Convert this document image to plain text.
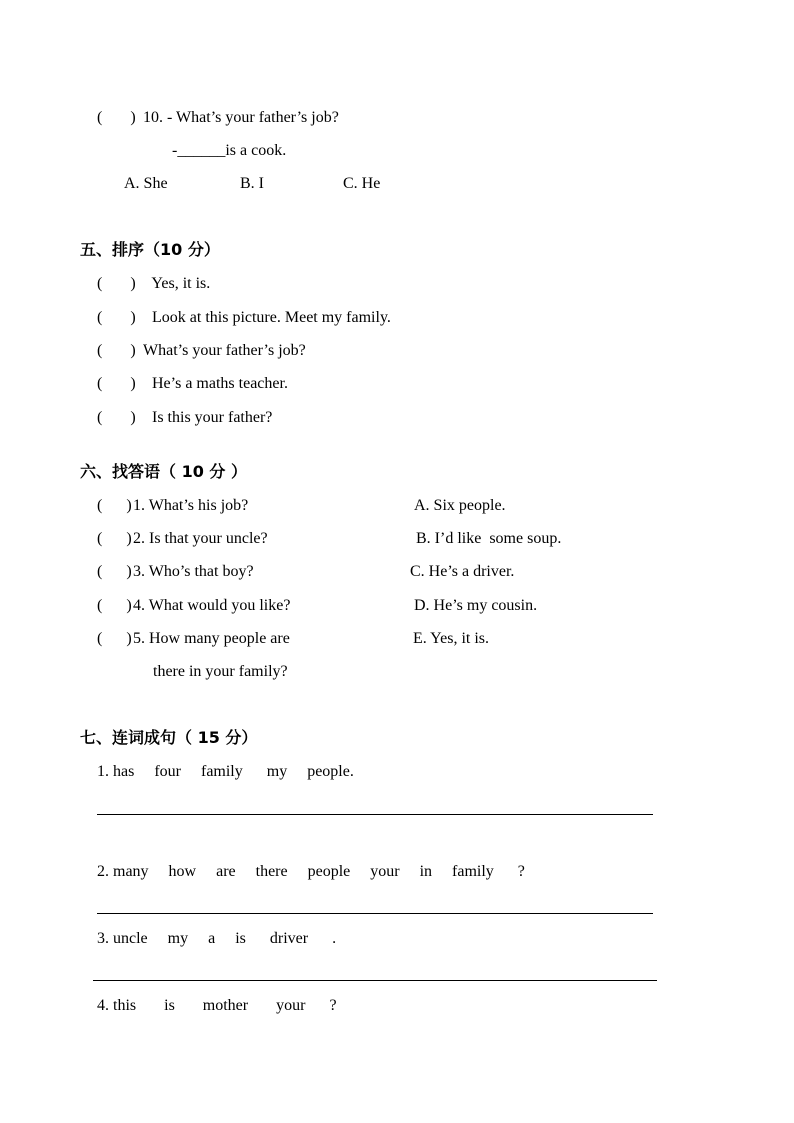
(       ) 10. - What’s your father’s job?
-______is a cook.
A. She	B. I	C. He
五、排序（10 分）
(       ) Yes, it is.
(       ) Look at this picture. Meet my family.
(       ) What’s your father’s job?
(       ) He’s a maths teacher.
(       ) Is this your father?
六、找答语（ 10 分 ）
(      ) 1. What’s his job?	A. Six people.
(      ) 2. Is that your uncle?	B. I’d like  some soup.
(      ) 3. Who’s that boy?	C. He’s a driver.
(      ) 4. What would you like?	D. He’s my cousin.
(      ) 5. How many people are	E. Yes, it is.
there in your family?
七、连词成句（ 15 分）
1. has     four     family      my     people.
2. many     how     are     there     people     your     in     family      ?
3. uncle     my     a     is      driver      .
4. this       is       mother       your      ?
